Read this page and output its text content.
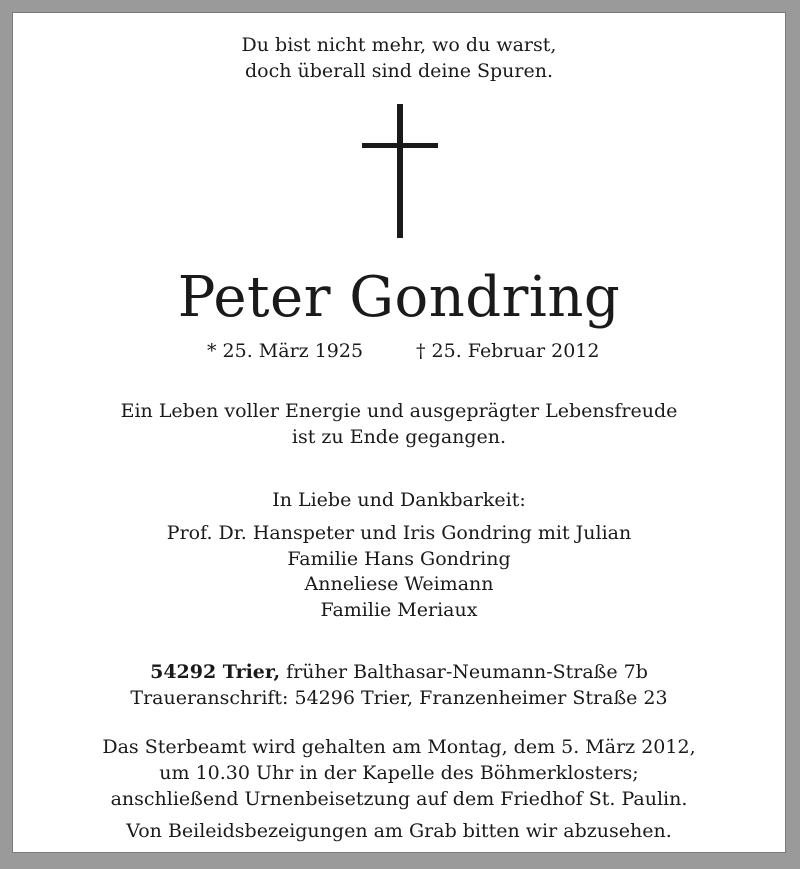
Du bist nicht mehr, wo du warst,
doch überall sind deine Spuren.
Peter Gondring
* 25. März 1925	† 25. Februar 2012
Ein Leben voller Energie und ausgeprägter Lebensfreude
ist zu Ende gegangen.
In Liebe und Dankbarkeit:
Prof. Dr. Hanspeter und Iris Gondring mit Julian
Familie Hans Gondring
Anneliese Weimann
Familie Meriaux
54292 Trier, früher Balthasar-Neumann-Straße 7b
Traueranschrift: 54296 Trier, Franzenheimer Straße 23
Das Sterbeamt wird gehalten am Montag, dem 5. März 2012,
um 10.30 Uhr in der Kapelle des Böhmerklosters;
anschließend Urnenbeisetzung auf dem Friedhof St. Paulin.
Von Beileidsbezeigungen am Grab bitten wir abzusehen.
